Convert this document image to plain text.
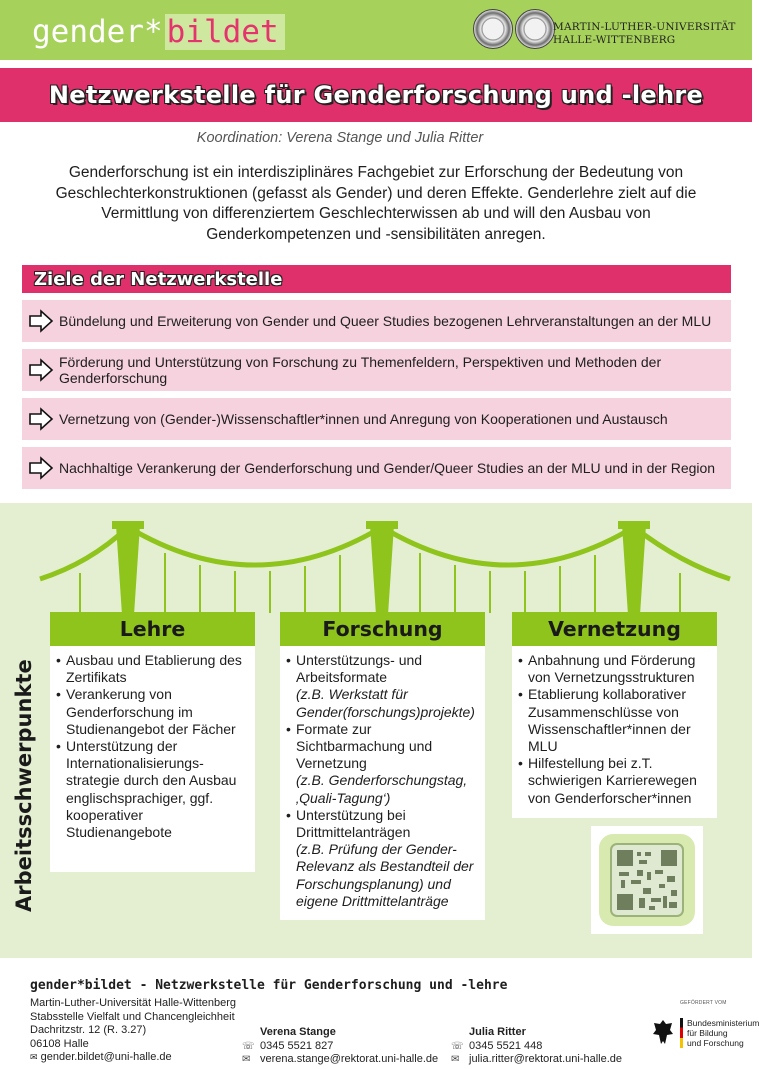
gender* bildet	MARTIN-LUTHER-UNIVERSITÄT
HALLE-WITTENBERG
Netzwerkstelle für Genderforschung und -lehre
Koordination: Verena Stange und Julia Ritter
Genderforschung ist ein interdisziplinäres Fachgebiet zur Erforschung der Bedeutung von Geschlechterkonstruktionen (gefasst als Gender) und deren Effekte. Genderlehre zielt auf die Vermittlung von differenziertem Geschlechterwissen ab und will den Ausbau von Genderkompetenzen und -sensibilitäten anregen.
Ziele der Netzwerkstelle
Bündelung und Erweiterung von Gender und Queer Studies bezogenen Lehrveranstaltungen an der MLU
Förderung und Unterstützung von Forschung zu Themenfeldern, Perspektiven und Methoden der Genderforschung
Vernetzung von (Gender-)Wissenschaftler*innen und Anregung von Kooperationen und Austausch
Nachhaltige Verankerung der Genderforschung und Gender/Queer Studies an der MLU und in der Region
Arbeitsschwerpunkte
Lehre
• Ausbau und Etablierung des Zertifikats
• Verankerung von Genderforschung im Studienangebot der Fächer
• Unterstützung der Internationalisierungs-strategie durch den Ausbau englischsprachiger, ggf. kooperativer Studienangebote
Forschung
• Unterstützungs- und Arbeitsformate
(z.B. Werkstatt für Gender(forschungs)projekte)
• Formate zur Sichtbarmachung und Vernetzung
(z.B. Genderforschungstag, ‚Quali-Tagung‘)
• Unterstützung bei Drittmittelanträgen
(z.B. Prüfung der Gender-Relevanz als Bestandteil der Forschungsplanung) und eigene Drittmittelanträge
Vernetzung
• Anbahnung und Förderung von Vernetzungsstrukturen
• Etablierung kollaborativer Zusammenschlüsse von Wissenschaftler*innen der MLU
• Hilfestellung bei z.T. schwierigen Karrierewegen von Genderforscher*innen
gender*bildet - Netzwerkstelle für Genderforschung und -lehre
Martin-Luther-Universität Halle-Wittenberg
Stabsstelle Vielfalt und Chancengleichheit
Dachritzstr. 12 (R. 3.27)
06108 Halle
✉ gender.bildet@uni-halle.de
Verena Stange
☏ 0345 5521 827
✉ verena.stange@rektorat.uni-halle.de
Julia Ritter
☏ 0345 5521 448
✉ julia.ritter@rektorat.uni-halle.de
GEFÖRDERT VOM
Bundesministerium
für Bildung
und Forschung
